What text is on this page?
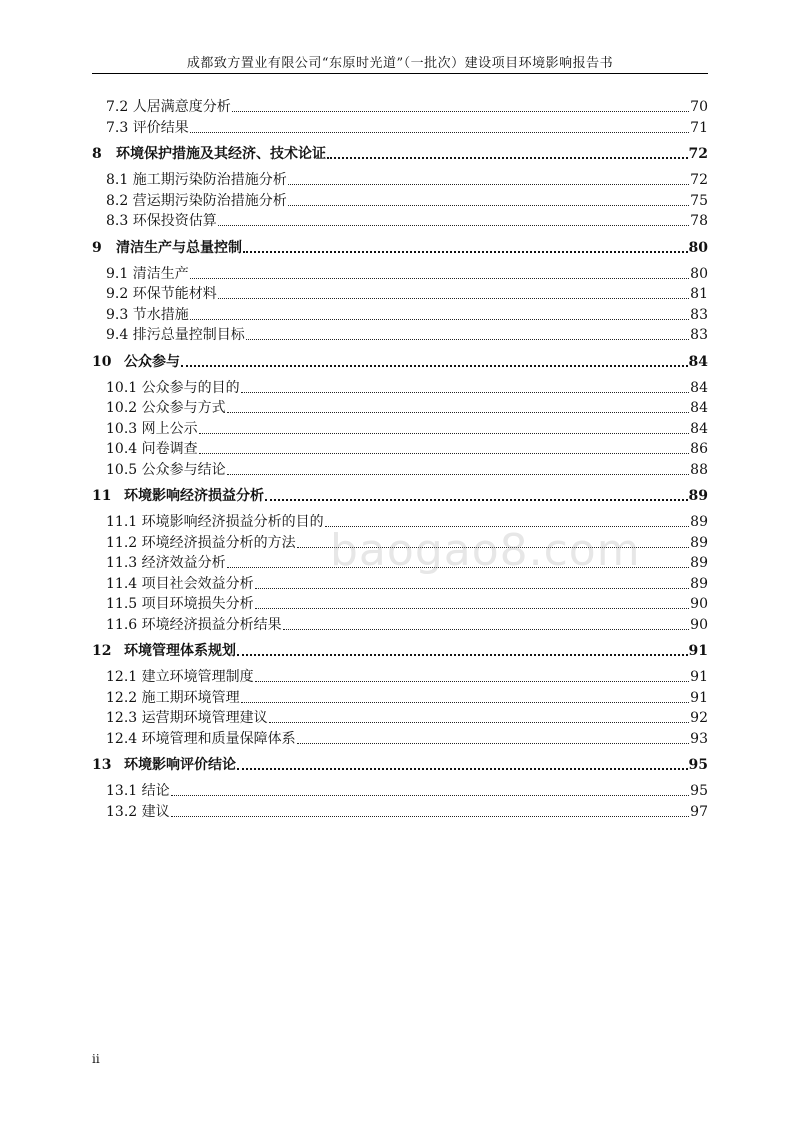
成都致方置业有限公司“东原时光道”（一批次）建设项目环境影响报告书
7.2 人居满意度分析	70
7.3 评价结果	71
8 环境保护措施及其经济、技术论证	72
8.1 施工期污染防治措施分析	72
8.2 营运期污染防治措施分析	75
8.3 环保投资估算	78
9 清洁生产与总量控制	80
9.1 清洁生产	80
9.2 环保节能材料	81
9.3 节水措施	83
9.4 排污总量控制目标	83
10 公众参与	84
10.1 公众参与的目的	84
10.2 公众参与方式	84
10.3 网上公示	84
10.4 问卷调查	86
10.5 公众参与结论	88
11 环境影响经济损益分析	89
11.1 环境影响经济损益分析的目的	89
11.2 环境经济损益分析的方法	89
11.3 经济效益分析	89
11.4 项目社会效益分析	89
11.5 项目环境损失分析	90
11.6 环境经济损益分析结果	90
12 环境管理体系规划	91
12.1 建立环境管理制度	91
12.2 施工期环境管理	91
12.3 运营期环境管理建议	92
12.4 环境管理和质量保障体系	93
13 环境影响评价结论	95
13.1 结论	95
13.2 建议	97
baogao8.com
ii
